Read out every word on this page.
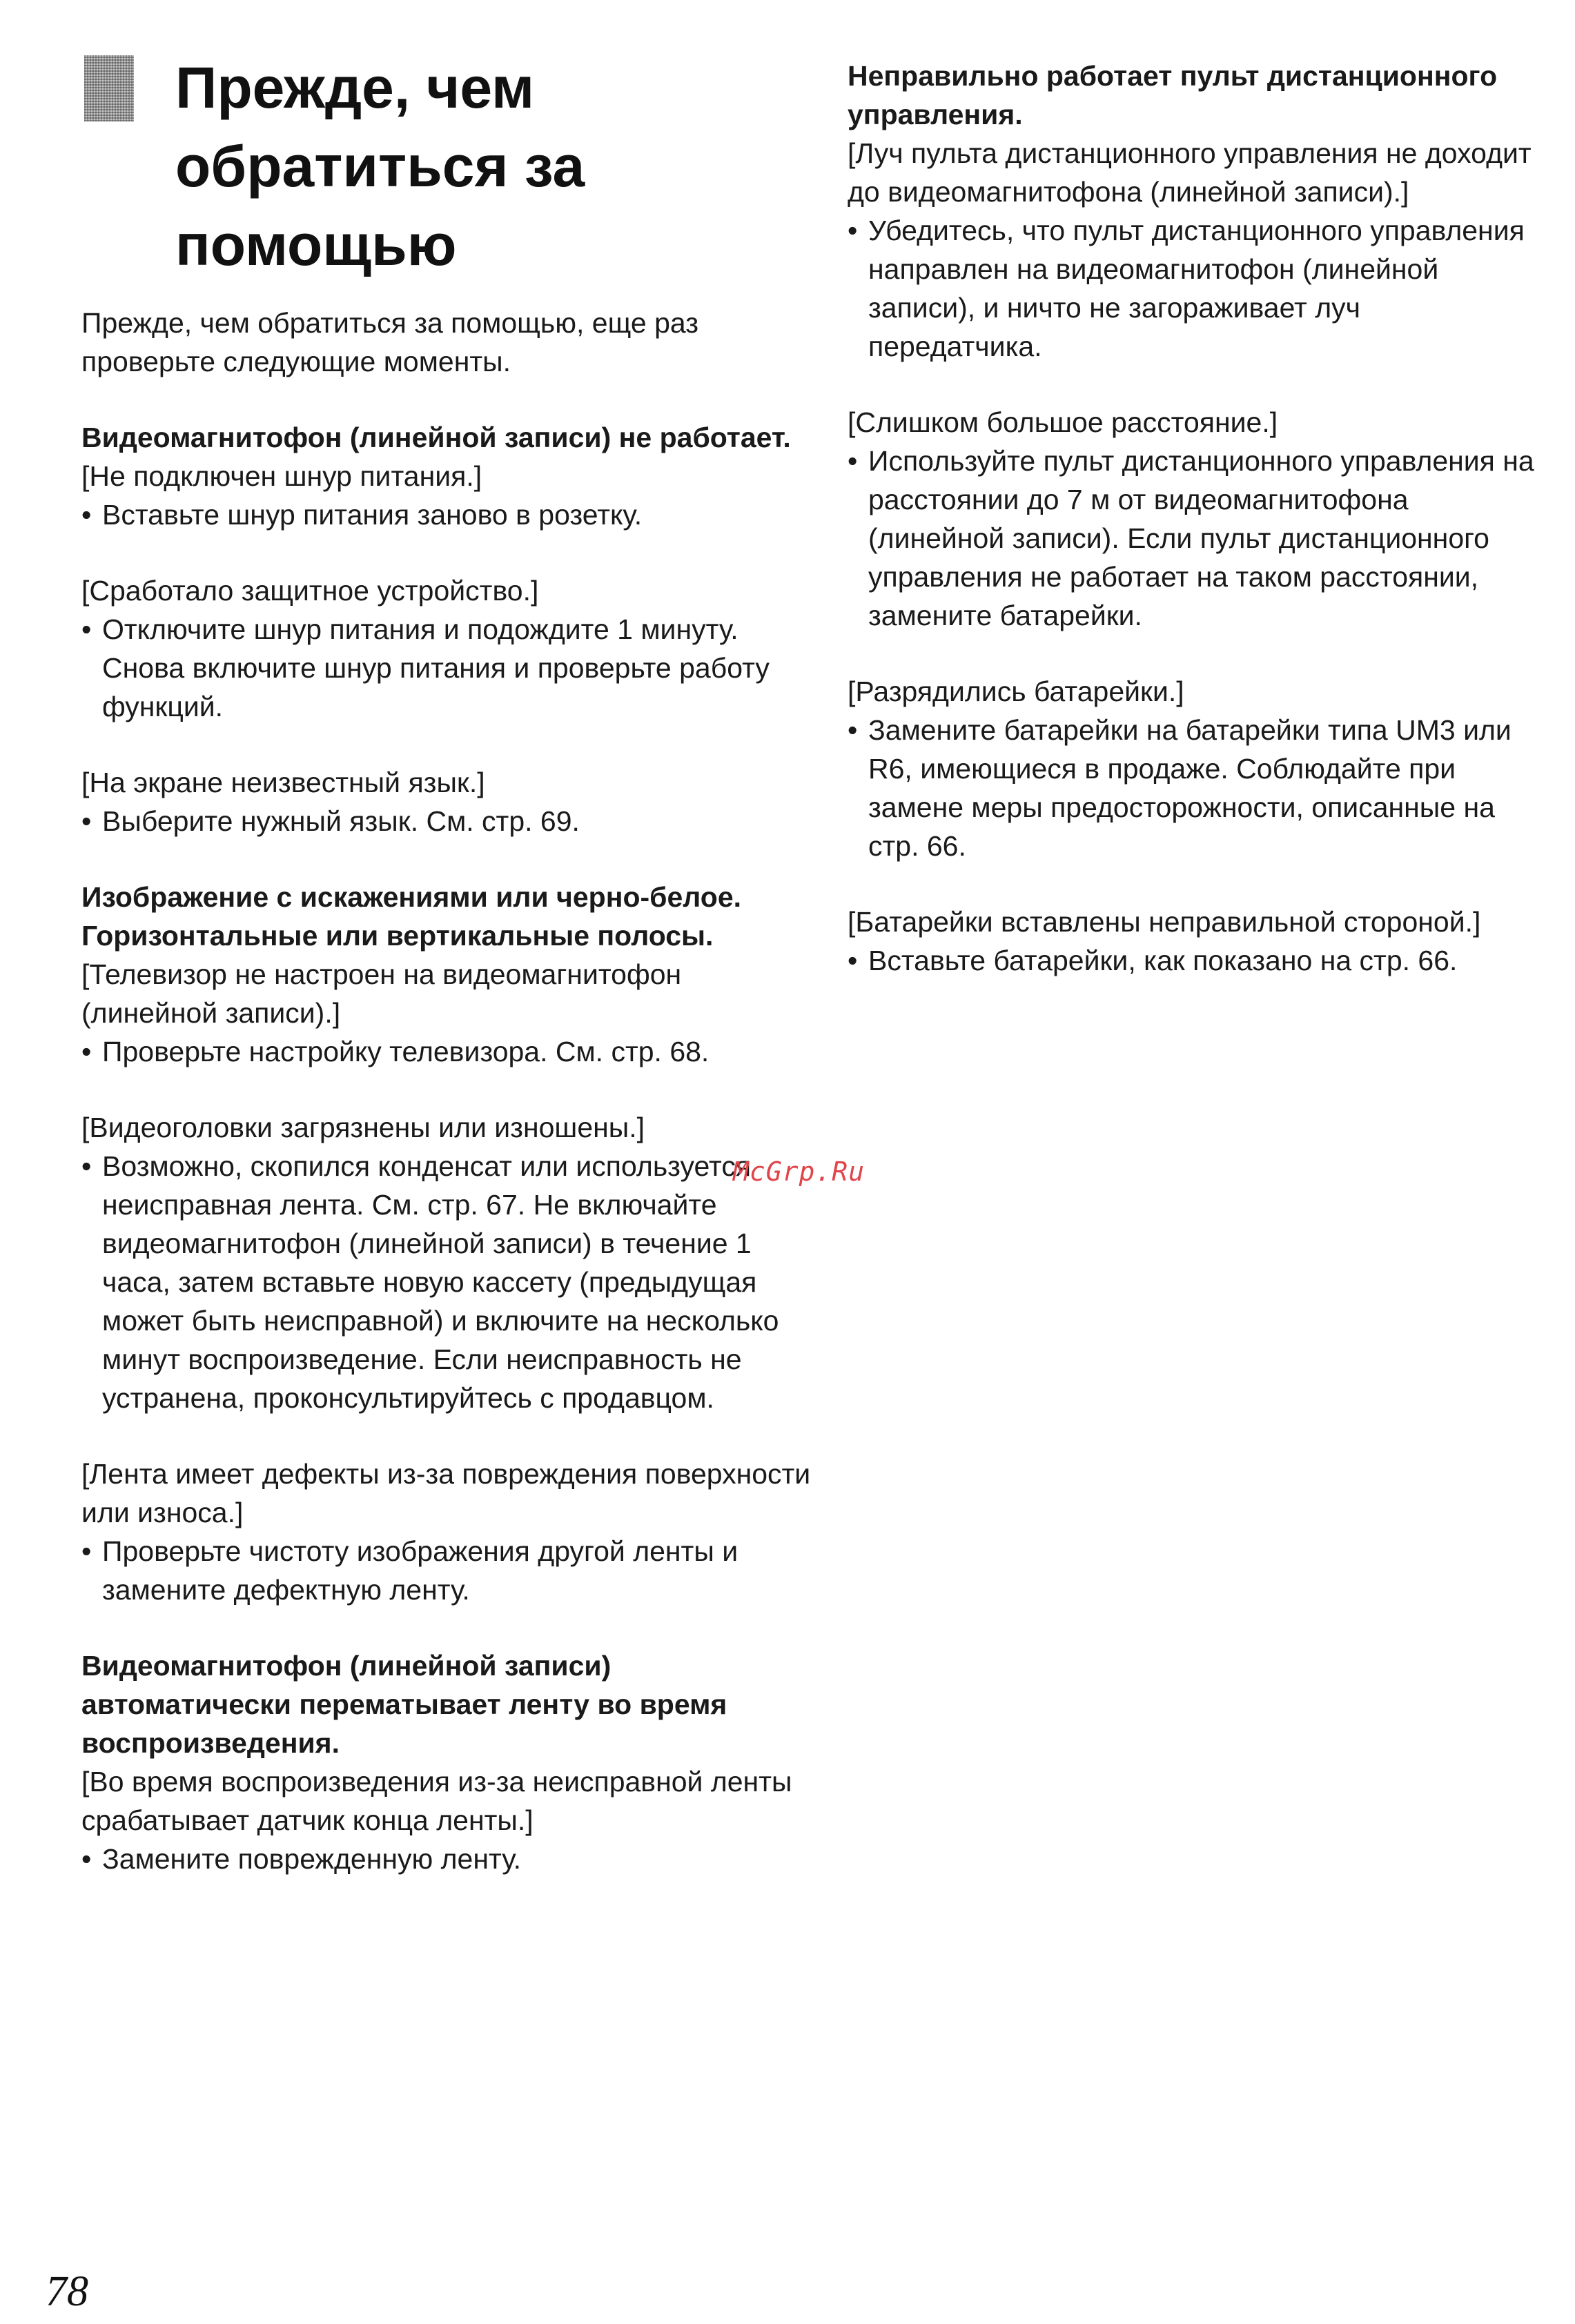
Прежде, чем обратиться за помощью

Прежде, чем обратиться за помощью, еще раз проверьте следующие моменты.

Видеомагнитофон (линейной записи) не работает.

[Не подключен шнур питания.]

• Вставьте шнур питания заново в розетку.

[Сработало защитное устройство.]

• Отключите шнур питания и подождите 1 минуту. Снова включите шнур питания и проверьте работу функций.

[На экране неизвестный язык.]

• Выберите нужный язык. См. стр. 69.

Изображение с искажениями или черно-белое.

Горизонтальные или вертикальные полосы.

[Телевизор не настроен на видеомагнитофон (линейной записи).]

• Проверьте настройку телевизора. См. стр. 68.

[Видеоголовки загрязнены или изношены.]

• Возможно, скопился конденсат или используется неисправная лента. См. стр. 67. Не включайте видеомагнитофон (линейной записи) в течение 1 часа, затем вставьте новую кассету (предыдущая может быть неисправной) и включите на несколько минут воспроизведение. Если неисправность не устранена, проконсультируйтесь с продавцом.

[Лента имеет дефекты из-за повреждения поверхности или износа.]

• Проверьте чистоту изображения другой ленты и замените дефектную ленту.

Видеомагнитофон (линейной записи) автоматически перематывает ленту во время воспроизведения.

[Во время воспроизведения из-за неисправной ленты срабатывает датчик конца ленты.]

• Замените поврежденную ленту.

Неправильно работает пульт дистанционного управления.

[Луч пульта дистанционного управления не доходит до видеомагнитофона (линейной записи).]

• Убедитесь, что пульт дистанционного управления направлен на видеомагнитофон (линейной записи), и ничто не загораживает луч передатчика.

[Слишком большое расстояние.]

• Используйте пульт дистанционного управления на расстоянии до 7 м от видеомагнитофона (линейной записи). Если пульт дистанционного управления не работает на таком расстоянии, замените батарейки.

[Разрядились батарейки.]

• Замените батарейки на батарейки типа UM3 или R6, имеющиеся в продаже. Соблюдайте при замене меры предосторожности, описанные на стр. 66.

[Батарейки вставлены неправильной стороной.]

• Вставьте батарейки, как показано на стр. 66.

McGrp.Ru
78
